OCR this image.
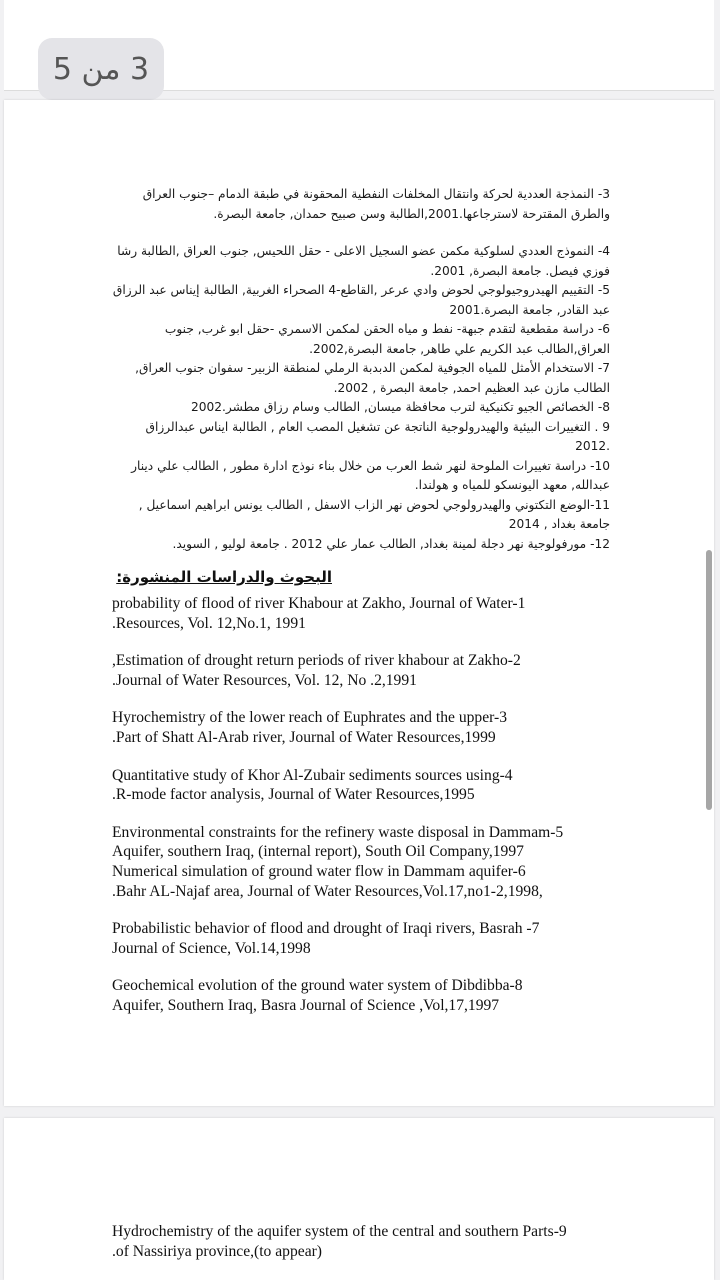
3 من 5

3- النمذجة العددية لحركة وانتقال المخلفات النفطية المحقونة في طبقة الدمام –جنوب العراق والطرق المقترحة لاسترجاعها.2001,الطالبة وسن صبيح حمدان, جامعة البصرة.

4- النموذج العددي لسلوكية مكمن عضو السجيل الاعلى - حقل اللحيس, جنوب العراق ,الطالبة رشا فوزي فيصل. جامعة البصرة, 2001.

5- التقييم الهيدروجيولوجي لحوض وادي عرعر ,القاطع-4 الصحراء الغربية, الطالبة إيناس عبد الرزاق عبد القادر, جامعة البصرة.2001

6- دراسة مقطعية لتقدم جبهة- نفط و مياه الحقن لمكمن الاسمري -حقل ابو غرب, جنوب العراق,الطالب عبد الكريم علي طاهر, جامعة البصرة,2002.

7- الاستخدام الأمثل للمياه الجوفية لمكمن الدبدبة الرملي لمنطقة الزبير- سفوان جنوب العراق, الطالب مازن عبد العظيم احمد, جامعة البصرة , 2002.

8- الخصائص الجيو تكنيكية لترب محافظة ميسان, الطالب وسام رزاق مطشر.2002

9 . التغييرات البيئية والهيدرولوجية الناتجة عن تشغيل المصب العام , الطالبة ايناس عبدالرزاق .2012

10- دراسة تغييرات الملوحة لنهر شط العرب من خلال بناء نوذج ادارة مطور , الطالب علي دينار عبدالله, معهد اليونسكو للمياه و هولندا.

11-الوضع التكتوني والهيدرولوجي لحوض نهر الزاب الاسفل , الطالب يونس ابراهيم اسماعيل , جامعة بغداد , 2014

12- مورفولوجية نهر دجلة لمينة بغداد, الطالب عمار علي 2012 . جامعة لوليو , السويد.

البحوث والدراسات المنشورة:

probability of flood of river Khabour at Zakho, Journal of Water-1

.Resources, Vol. 12,No.1, 1991

,Estimation of drought return periods of river khabour at Zakho-2

.Journal of Water Resources, Vol. 12, No .2,1991

Hyrochemistry of the lower reach of Euphrates and the upper-3

.Part of Shatt Al-Arab river, Journal of Water Resources,1999

Quantitative study of Khor Al-Zubair sediments sources using-4

.R-mode factor analysis, Journal of Water Resources,1995

Environmental constraints for the refinery waste disposal in Dammam-5

Aquifer, southern Iraq, (internal report), South Oil Company,1997

Numerical simulation of ground water flow in Dammam aquifer-6

.Bahr AL-Najaf area, Journal of Water Resources,Vol.17,no1-2,1998,

Probabilistic behavior of flood and drought of Iraqi rivers, Basrah -7

Journal of Science, Vol.14,1998

Geochemical evolution of the ground water system of Dibdibba-8

Aquifer, Southern Iraq, Basra Journal of Science ,Vol,17,1997

Hydrochemistry of the aquifer system of the central and southern Parts-9

.of Nassiriya province,(to appear)
